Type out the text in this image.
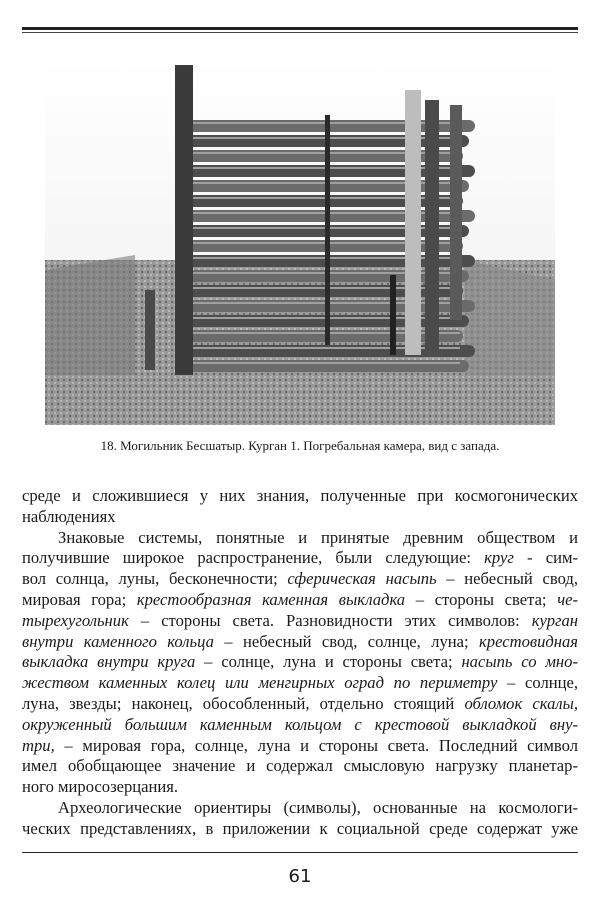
18. Могильник Бесшатыр. Курган 1. Погребальная камера, вид с запада.
среде и сложившиеся у них знания, полученные при космогонических
наблюдениях
Знаковые системы, понятные и принятые древним обществом и
получившие широкое распространение, были следующие: круг - сим-
вол солнца, луны, бесконечности; сферическая насыпь – небесный свод,
мировая гора; крестообразная каменная выкладка – стороны света; че-
тырехугольник – стороны света. Разновидности этих символов: курган
внутри каменного кольца – небесный свод, солнце, луна; крестовидная
выкладка внутри круга – солнце, луна и стороны света; насыпь со мно-
жеством каменных колец или менгирных оград по периметру – солнце,
луна, звезды; наконец, обособленный, отдельно стоящий обломок скалы,
окруженный большим каменным кольцом с крестовой выкладкой вну-
три, – мировая гора, солнце, луна и стороны света. Последний символ
имел обобщающее значение и содержал смысловую нагрузку планетар-
ного миросозерцания.
Археологические ориентиры (символы), основанные на космологи-
ческих представлениях, в приложении к социальной среде содержат уже
61
